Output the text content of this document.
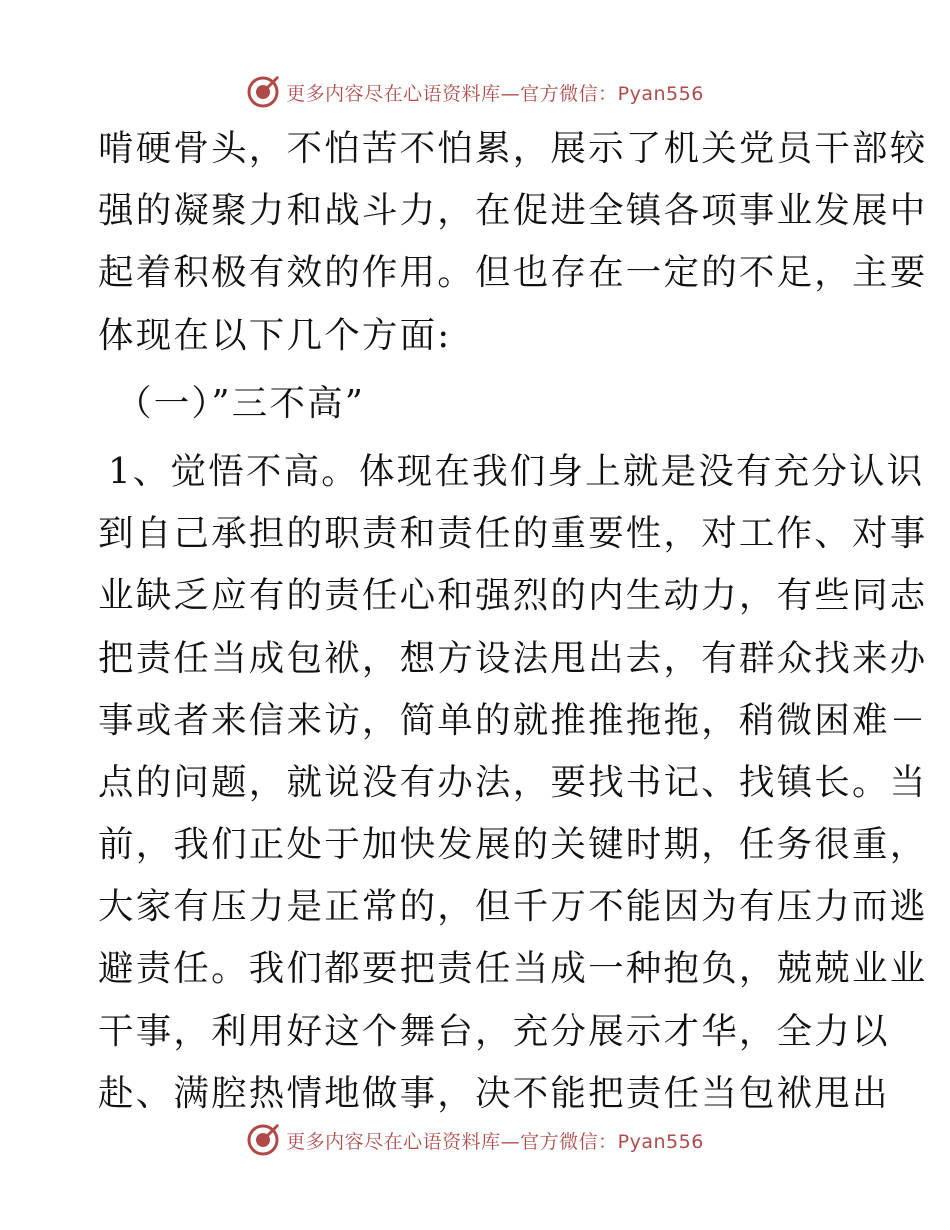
更多内容尽在心语资料库—官方微信：Pyan556
啃硬骨头，不怕苦不怕累，展示了机关党员干部较
强的凝聚力和战斗力，在促进全镇各项事业发展中
起着积极有效的作用。但也存在一定的不足，主要
体现在以下几个方面:
（一）”三不高”
1、觉悟不高。体现在我们身上就是没有充分认识
到自己承担的职责和责任的重要性，对工作、对事
业缺乏应有的责任心和强烈的内生动力，有些同志
把责任当成包袱，想方设法甩出去，有群众找来办
事或者来信来访，简单的就推推拖拖，稍微困难－
点的问题，就说没有办法，要找书记、找镇长。当
前，我们正处于加快发展的关键时期，任务很重，
大家有压力是正常的，但千万不能因为有压力而逃
避责任。我们都要把责任当成一种抱负，兢兢业业
干事，利用好这个舞台，充分展示才华，全力以
赴、满腔热情地做事，决不能把责任当包袱甩出
更多内容尽在心语资料库—官方微信：Pyan556
